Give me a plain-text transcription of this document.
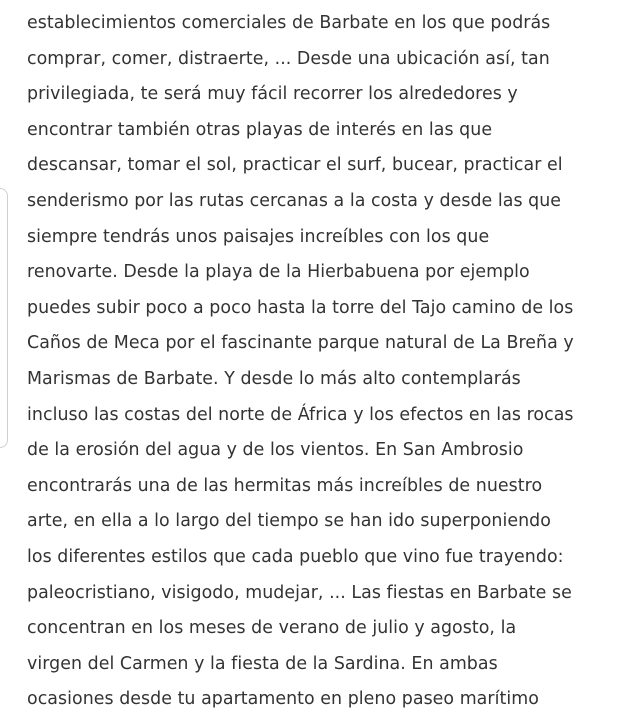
establecimientos comerciales de Barbate en los que podrás
comprar, comer, distraerte, ... Desde una ubicación así, tan
privilegiada, te será muy fácil recorrer los alrededores y
encontrar también otras playas de interés en las que
descansar, tomar el sol, practicar el surf, bucear, practicar el
senderismo por las rutas cercanas a la costa y desde las que
siempre tendrás unos paisajes increíbles con los que
renovarte. Desde la playa de la Hierbabuena por ejemplo
puedes subir poco a poco hasta la torre del Tajo camino de los
Caños de Meca por el fascinante parque natural de La Breña y
Marismas de Barbate. Y desde lo más alto contemplarás
incluso las costas del norte de África y los efectos en las rocas
de la erosión del agua y de los vientos. En San Ambrosio
encontrarás una de las hermitas más increíbles de nuestro
arte, en ella a lo largo del tiempo se han ido superponiendo
los diferentes estilos que cada pueblo que vino fue trayendo:
paleocristiano, visigodo, mudejar, ... Las fiestas en Barbate se
concentran en los meses de verano de julio y agosto, la
virgen del Carmen y la fiesta de la Sardina. En ambas
ocasiones desde tu apartamento en pleno paseo marítimo
